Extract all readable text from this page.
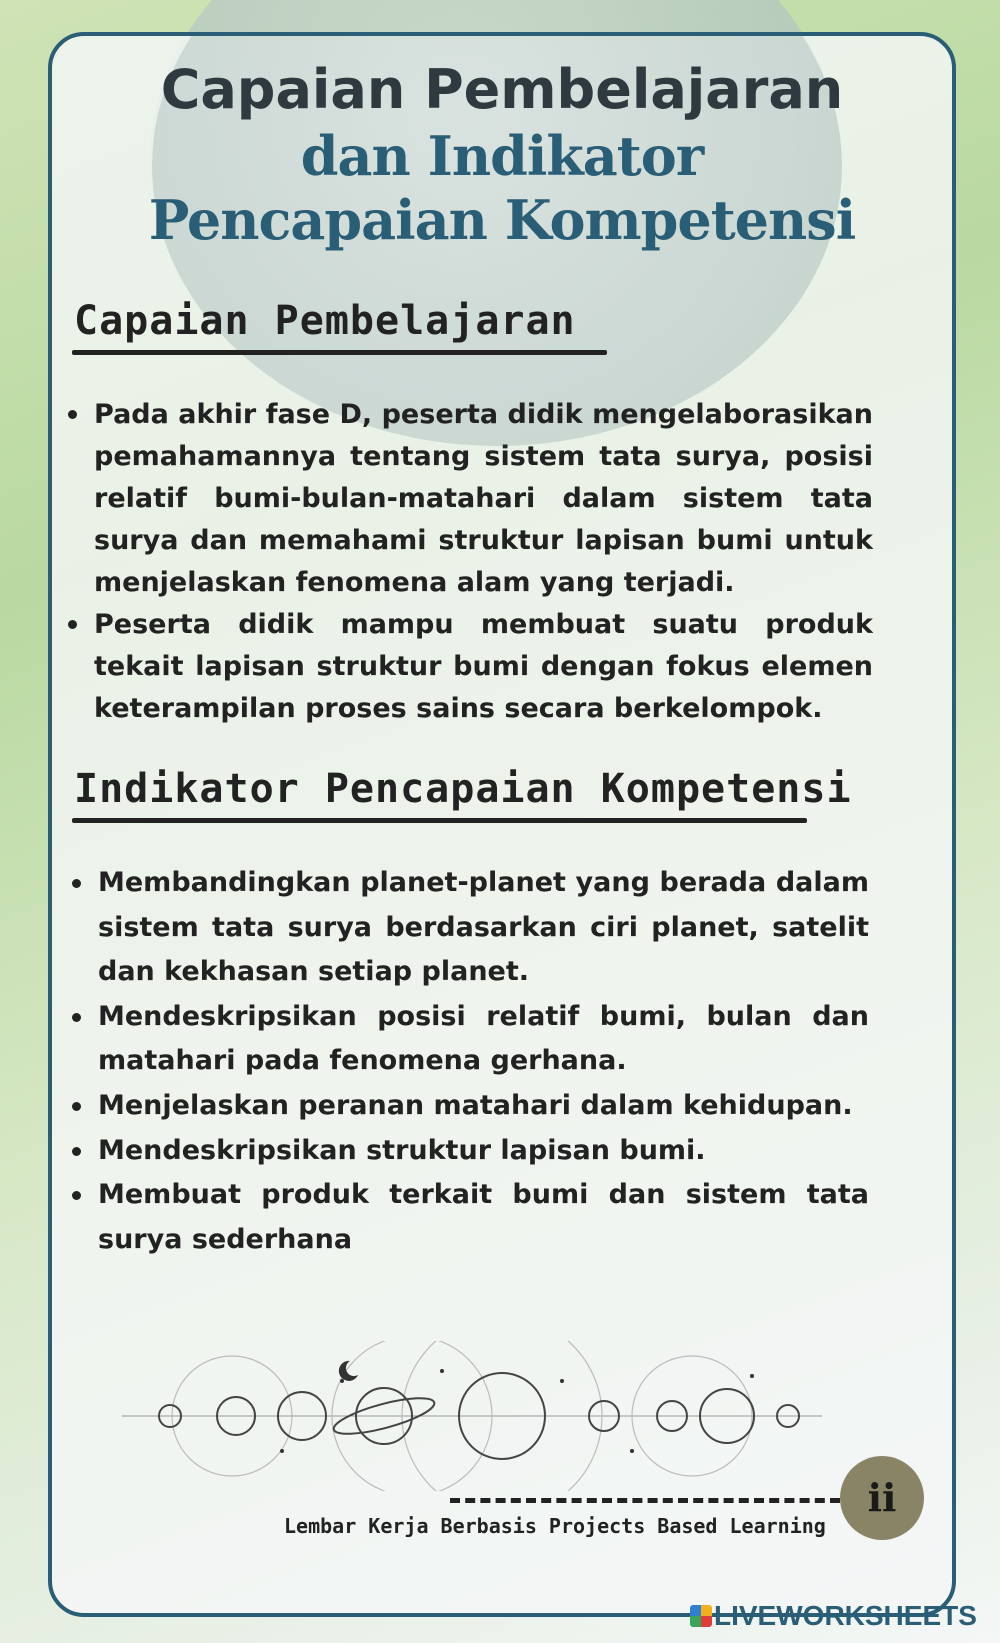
Capaian Pembelajaran
dan Indikator
Pencapaian Kompetensi
Capaian Pembelajaran
Pada akhir fase D, peserta didik mengelaborasikan pemahamannya tentang sistem tata surya, posisi relatif bumi-bulan-matahari dalam sistem tata surya dan memahami struktur lapisan bumi untuk menjelaskan fenomena alam yang terjadi.
Peserta didik mampu membuat suatu produk tekait lapisan struktur bumi dengan fokus elemen keterampilan proses sains secara berkelompok.
Indikator Pencapaian Kompetensi
Membandingkan planet-planet yang berada dalam sistem tata surya berdasarkan ciri planet, satelit dan kekhasan setiap planet.
Mendeskripsikan posisi relatif bumi, bulan dan matahari pada fenomena gerhana.
Menjelaskan peranan matahari dalam kehidupan.
Mendeskripsikan struktur lapisan bumi.
Membuat produk terkait bumi dan sistem tata surya sederhana
ii
Lembar Kerja Berbasis Projects Based Learning
LIVEWORKSHEETS
